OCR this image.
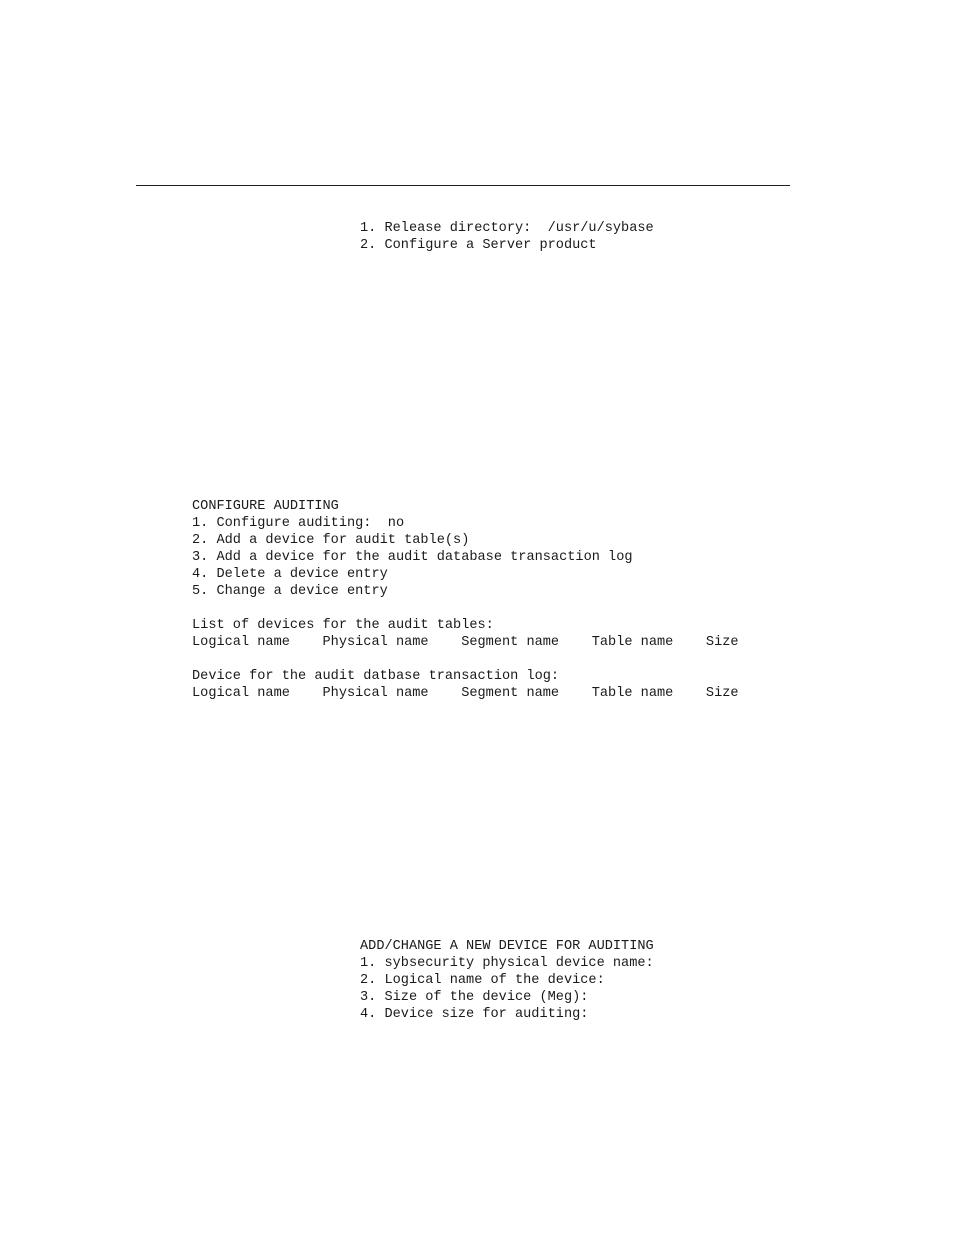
1. Release directory:  /usr/u/sybase
2. Configure a Server product
CONFIGURE AUDITING
1. Configure auditing:  no
2. Add a device for audit table(s)
3. Add a device for the audit database transaction log
4. Delete a device entry
5. Change a device entry
List of devices for the audit tables:
Logical name    Physical name    Segment name    Table name    Size
Device for the audit datbase transaction log:
Logical name    Physical name    Segment name    Table name    Size
ADD/CHANGE A NEW DEVICE FOR AUDITING
1. sybsecurity physical device name:
2. Logical name of the device:
3. Size of the device (Meg):
4. Device size for auditing:
